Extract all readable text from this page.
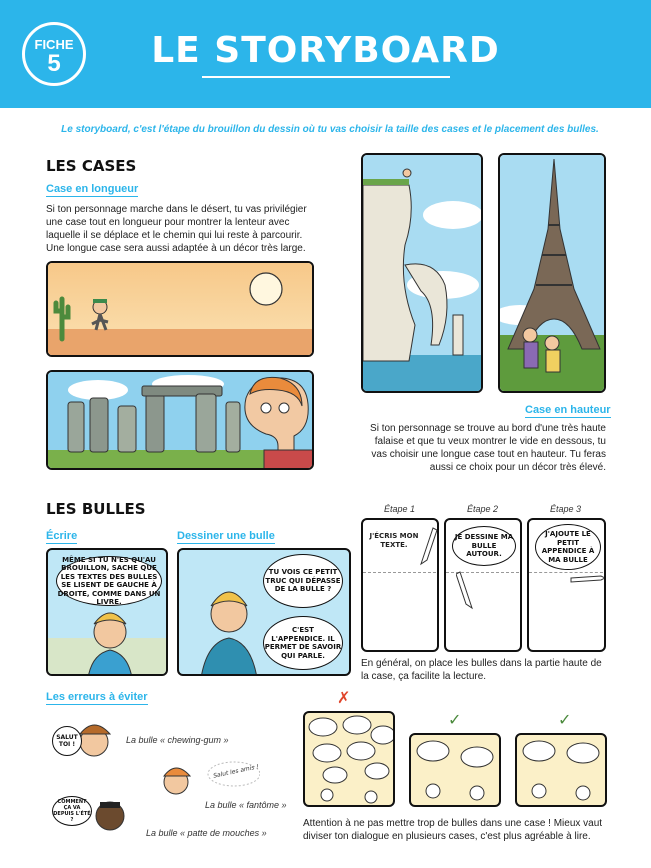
FICHE
5	LE STORYBOARD
Le storyboard, c'est l'étape du brouillon du dessin où tu vas choisir la taille des cases et le placement des bulles.
LES CASES
Case en longueur
Si ton personnage marche dans le désert, tu vas privilégier une case tout en longueur pour montrer la lenteur avec laquelle il se déplace et le chemin qui lui reste à parcourir. Une longue case sera aussi adaptée à un décor très large.
Case en hauteur
Si ton personnage se trouve au bord d'une très haute falaise et que tu veux montrer le vide en dessous, tu vas choisir une longue case tout en hauteur. Tu feras aussi ce choix pour un décor très élevé.
LES BULLES
Écrire	Dessiner une bulle
MÊME SI TU N'ES QU'AU BROUILLON, SACHE QUE LES TEXTES DES BULLES SE LISENT DE GAUCHE À DROITE, COMME DANS UN LIVRE.
TU VOIS CE PETIT TRUC QUI DÉPASSE DE LA BULLE ?
C'EST L'APPENDICE. IL PERMET DE SAVOIR QUI PARLE.
Étape 1	Étape 2	Étape 3
J'ÉCRIS MON TEXTE.
JE DESSINE MA BULLE AUTOUR.
J'AJOUTE LE PETIT APPENDICE À MA BULLE
En général, on place les bulles dans la partie haute de la case, ça facilite la lecture.
Les erreurs à éviter
SALUT TOI !	La bulle « chewing-gum »
Salut les amis !
La bulle « fantôme »
COMMENT ÇA VA DEPUIS L'ÉTÉ ?
La bulle « patte de mouches »
✗
✓	✓
Attention à ne pas mettre trop de bulles dans une case ! Mieux vaut diviser ton dialogue en plusieurs cases, c'est plus agréable à lire.
